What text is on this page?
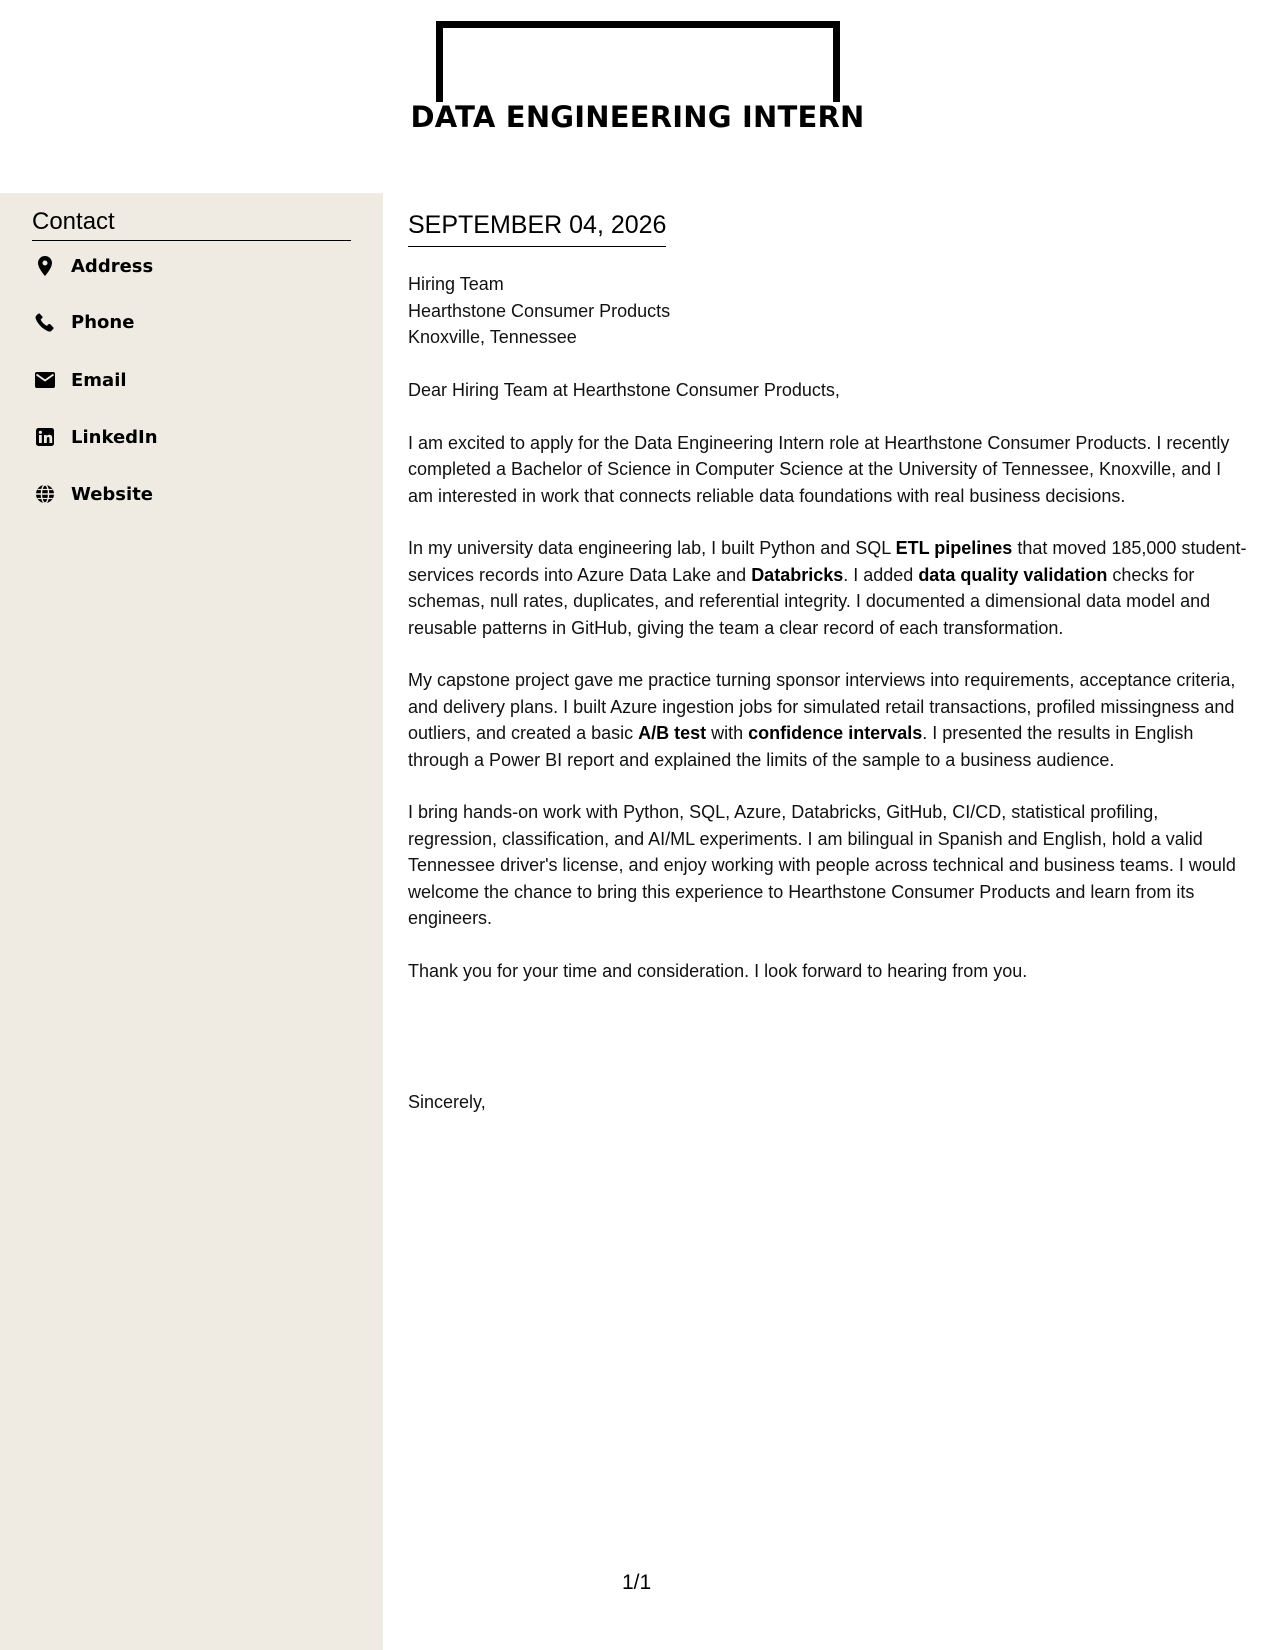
DATA ENGINEERING INTERN
Contact
Address
Phone
Email
LinkedIn
Website
SEPTEMBER 04, 2026
Hiring Team
Hearthstone Consumer Products
Knoxville, Tennessee

Dear Hiring Team at Hearthstone Consumer Products,

I am excited to apply for the Data Engineering Intern role at Hearthstone Consumer Products. I recently completed a Bachelor of Science in Computer Science at the University of Tennessee, Knoxville, and I am interested in work that connects reliable data foundations with real business decisions.

In my university data engineering lab, I built Python and SQL ETL pipelines that moved 185,000 student-services records into Azure Data Lake and Databricks. I added data quality validation checks for schemas, null rates, duplicates, and referential integrity. I documented a dimensional data model and reusable patterns in GitHub, giving the team a clear record of each transformation.

My capstone project gave me practice turning sponsor interviews into requirements, acceptance criteria, and delivery plans. I built Azure ingestion jobs for simulated retail transactions, profiled missingness and outliers, and created a basic A/B test with confidence intervals. I presented the results in English through a Power BI report and explained the limits of the sample to a business audience.

I bring hands-on work with Python, SQL, Azure, Databricks, GitHub, CI/CD, statistical profiling, regression, classification, and AI/ML experiments. I am bilingual in Spanish and English, hold a valid Tennessee driver's license, and enjoy working with people across technical and business teams. I would welcome the chance to bring this experience to Hearthstone Consumer Products and learn from its engineers.

Thank you for your time and consideration. I look forward to hearing from you.

Sincerely,
1/1
